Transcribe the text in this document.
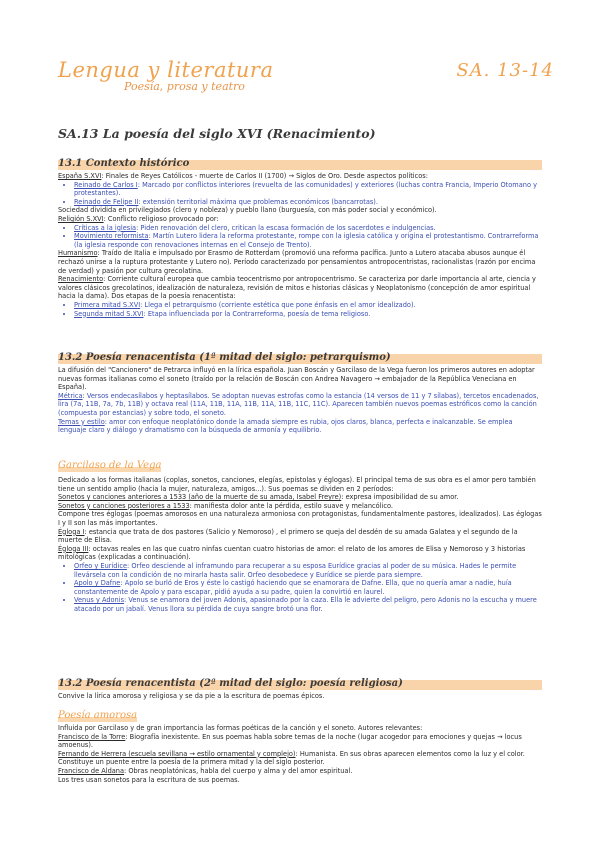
Lengua y literatura
Poesía, prosa y teatro
SA. 13-14
SA.13 La poesía del siglo XVI (Renacimiento)
13.1 Contexto histórico

España S.XVI: Finales de Reyes Católicos - muerte de Carlos II (1700) → Siglos de Oro. Desde aspectos políticos:

• Reinado de Carlos I: Marcado por conflictos interiores (revuelta de las comunidades) y exteriores (luchas contra Francia, Imperio Otomano y protestantes).
• Reinado de Felipe II: extensión territorial máxima que problemas económicos (bancarrotas).

Sociedad dividida en privilegiados (clero y nobleza) y pueblo llano (burguesía, con más poder social y económico).

Religión S.XVI: Conflicto religioso provocado por:

• Críticas a la iglesia: Piden renovación del clero, critican la escasa formación de los sacerdotes e indulgencias.
• Movimiento reformista: Martín Lutero lidera la reforma protestante, rompe con la iglesia católica y origina el protestantismo. Contrarreforma (la iglesia responde con renovaciones internas en el Consejo de Trento).

Humanismo: Traído de Italia e impulsado por Erasmo de Rotterdam (promovió una reforma pacífica. Junto a Lutero atacaba abusos aunque él rechazó unirse a la ruptura protestante y Lutero no). Período caracterizado por pensamientos antropocentristas, racionalistas (razón por encima de verdad) y pasión por cultura grecolatina.

Renacimiento: Corriente cultural europea que cambia teocentrismo por antropocentrismo. Se caracteriza por darle importancia al arte, ciencia y valores clásicos grecolatinos, idealización de naturaleza, revisión de mitos e historias clásicas y Neoplatonismo (concepción de amor espiritual hacia la dama). Dos etapas de la poesía renacentista:

• Primera mitad S.XVI: Llega el petrarquismo (corriente estética que pone énfasis en el amor idealizado).
• Segunda mitad S.XVI: Etapa influenciada por la Contrarreforma, poesía de tema religioso.
13.2 Poesía renacentista (1ª mitad del siglo: petrarquismo)

La difusión del "Cancionero" de Petrarca influyó en la lírica española. Juan Boscán y Garcilaso de la Vega fueron los primeros autores en adoptar nuevas formas italianas como el soneto (traído por la relación de Boscán con Andrea Navagero → embajador de la República Veneciana en España).

Métrica: Versos endecasílabos y heptasílabos. Se adoptan nuevas estrofas como la estancia (14 versos de 11 y 7 sílabas), tercetos encadenados, lira (7a, 11B, 7a, 7b, 11B) y octava real (11A, 11B, 11A, 11B, 11A, 11B, 11C, 11C). Aparecen también nuevos poemas estróficos como la canción (compuesta por estancias) y sobre todo, el soneto.

Temas y estilo: amor con enfoque neoplatónico donde la amada siempre es rubia, ojos claros, blanca, perfecta e inalcanzable. Se emplea lenguaje claro y diálogo y dramatismo con la búsqueda de armonía y equilibrio.

Garcilaso de la Vega

Dedicado a los formas italianas (coplas, sonetos, canciones, elegías, epístolas y églogas). El principal tema de sus obra es el amor pero también tiene un sentido amplio (hacia la mujer, naturaleza, amigos...). Sus poemas se dividen en 2 períodos:

Sonetos y canciones anteriores a 1533 (año de la muerte de su amada, Isabel Freyre): expresa imposibilidad de su amor.

Sonetos y canciones posteriores a 1533: manifiesta dolor ante la pérdida, estilo suave y melancólico.

Compone tres églogas (poemas amorosos en una naturaleza armoniosa con protagonistas, fundamentalmente pastores, idealizados). Las églogas I y II son las más importantes.

Égloga I: estancia que trata de dos pastores (Salicio y Nemoroso) , el primero se queja del desdén de su amada Galatea y el segundo de la muerte de Elisa.

Égloga III: octavas reales en las que cuatro ninfas cuentan cuatro historias de amor: el relato de los amores de Elisa y Nemoroso y 3 historias mitológicas (explicadas a continuación).

• Orfeo y Eurídice: Orfeo desciende al inframundo para recuperar a su esposa Eurídice gracias al poder de su música. Hades le permite llevársela con la condición de no mirarla hasta salir. Orfeo desobedece y Eurídice se pierde para siempre.
• Apolo y Dafne: Apolo se burló de Eros y éste lo castigó haciendo que se enamorara de Dafne. Ella, que no quería amar a nadie, huía constantemente de Apolo y para escapar, pidió ayuda a su padre, quien la convirtió en laurel.
• Venus y Adonis: Venus se enamora del joven Adonis, apasionado por la caza. Ella le advierte del peligro, pero Adonis no la escucha y muere atacado por un jabalí. Venus llora su pérdida de cuya sangre brotó una flor.
13.2 Poesía renacentista (2ª mitad del siglo: poesía religiosa)

Convive la lírica amorosa y religiosa y se da pie a la escritura de poemas épicos.

Poesía amorosa

Influida por Garcilaso y de gran importancia las formas poéticas de la canción y el soneto. Autores relevantes:

Francisco de la Torre: Biografía inexistente. En sus poemas habla sobre temas de la noche (lugar acogedor para emociones y quejas → locus amoenus).

Fernando de Herrera (escuela sevillana → estilo ornamental y complejo): Humanista. En sus obras aparecen elementos como la luz y el color. Constituye un puente entre la poesía de la primera mitad y la del siglo posterior.

Francisco de Aldana: Obras neoplatónicas, habla del cuerpo y alma y del amor espiritual.

Los tres usan sonetos para la escritura de sus poemas.
